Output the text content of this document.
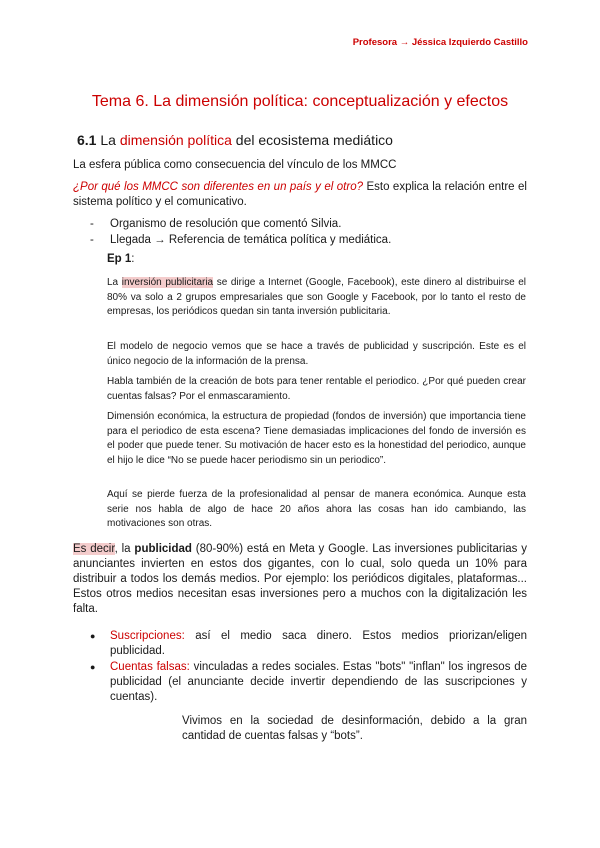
Profesora → Jéssica Izquierdo Castillo
Tema 6. La dimensión política: conceptualización y efectos
6.1 La dimensión política del ecosistema mediático
La esfera pública como consecuencia del vínculo de los MMCC
¿Por qué los MMCC son diferentes en un país y el otro? Esto explica la relación entre el sistema político y el comunicativo.
- Organismo de resolución que comentó Silvia.
- Llegada → Referencia de temática política y mediática.
Ep 1:
La inversión publicitaria se dirige a Internet (Google, Facebook), este dinero al distribuirse el 80% va solo a 2 grupos empresariales que son Google y Facebook, por lo tanto el resto de empresas, los periódicos quedan sin tanta inversión publicitaria.
El modelo de negocio vemos que se hace a través de publicidad y suscripción. Este es el único negocio de la información de la prensa.
Habla también de la creación de bots para tener rentable el periodico. ¿Por qué pueden crear cuentas falsas? Por el enmascaramiento.
Dimensión económica, la estructura de propiedad (fondos de inversión) que importancia tiene para el periodico de esta escena? Tiene demasiadas implicaciones del fondo de inversión es el poder que puede tener. Su motivación de hacer esto es la honestidad del periodico, aunque el hijo le dice “No se puede hacer periodismo sin un periodico”.
Aquí se pierde fuerza de la profesionalidad al pensar de manera económica. Aunque esta serie nos habla de algo de hace 20 años ahora las cosas han ido cambiando, las motivaciones son otras.
Es decir, la publicidad (80-90%) está en Meta y Google. Las inversiones publicitarias y anunciantes invierten en estos dos gigantes, con lo cual, solo queda un 10% para distribuir a todos los demás medios. Por ejemplo: los periódicos digitales, plataformas... Estos otros medios necesitan esas inversiones pero a muchos con la digitalización les falta.
● Suscripciones: así el medio saca dinero. Estos medios priorizan/eligen publicidad.
● Cuentas falsas: vinculadas a redes sociales. Estas "bots" "inflan" los ingresos de publicidad (el anunciante decide invertir dependiendo de las suscripciones y cuentas).
Vivimos en la sociedad de desinformación, debido a la gran cantidad de cuentas falsas y “bots”.
